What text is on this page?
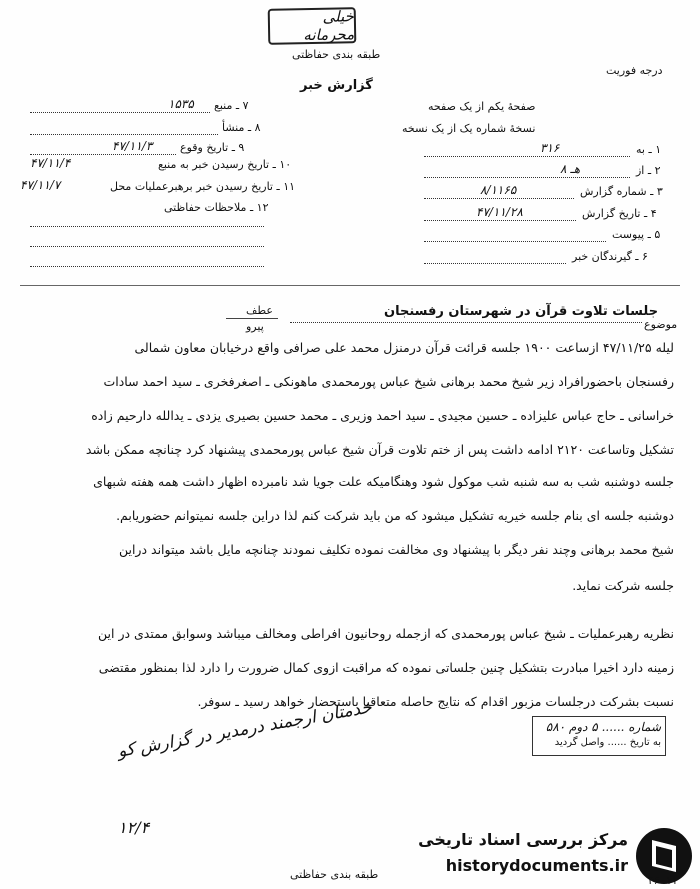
خیلی محرمانه
طبقه بندی حفاظتی
درجه فوریت
گزارش خبر
۷ ـ منبع
۱۵۳۵
۸ ـ منشأ
۹ ـ تاریخ وقوع
۴۷/۱۱/۳
۱۰ ـ تاریخ رسیدن خبر به منبع
۴۷/۱۱/۴
۱۱ ـ تاریخ رسیدن خبر برهبرعملیات محل
۴۷/۱۱/۷
۱۲ ـ ملاحظات حفاظتی
صفحهٔ یکم از یک صفحه
نسخهٔ شماره یک از یک نسخه
۱ ـ به
۳۱۶
۲ ـ از
۸ هـ
۳ ـ شماره گزارش
۸/۱۱۶۵
۴ ـ تاریخ گزارش
۴۷/۱۱/۲۸
۵ ـ پیوست
۶ ـ گیرندگان خبر
موضوع
جلسات تلاوت قرآن در شهرستان رفسنجان
عطف
پیرو
لیله ۴۷/۱۱/۲۵ ازساعت ۱۹۰۰ جلسه قرائت قرآن درمنزل محمد علی صرافی واقع درخیابان معاون شمالی
رفسنجان باحضورافراد زیر شیخ محمد برهانی شیخ عباس پورمحمدی ماهونکی ـ اصغرفخری ـ سید احمد سادات
خراسانی ـ حاج عباس علیزاده ـ حسین مجیدی ـ سید احمد وزیری ـ محمد حسین بصیری یزدی ـ یدالله دارحیم زاده
تشکیل وتاساعت ۲۱۲۰ ادامه داشت پس از ختم تلاوت قرآن شیخ عباس پورمحمدی پیشنهاد کرد چنانچه ممکن باشد
جلسه دوشنبه شب به سه شنبه شب موکول شود وهنگامیکه علت جویا شد نامبرده اظهار داشت همه هفته شبهای
دوشنبه جلسه ای بنام جلسه خیریه تشکیل میشود که من باید شرکت کنم لذا دراین جلسه نمیتوانم حضوریابم.
شیخ محمد برهانی وچند نفر دیگر با پیشنهاد وی مخالفت نموده تکلیف نمودند چنانچه مایل باشد میتواند دراین
جلسه شرکت نماید.
نظریه رهبرعملیات ـ شیخ عباس پورمحمدی که ازجمله روحانیون افراطی ومخالف میباشد وسوابق ممتدی در این
زمینه دارد اخیرا مبادرت بتشکیل چنین جلساتی نموده که مراقبت ازوی کمال ضرورت را دارد لذا بمنظور مقتضی
نسبت بشرکت درجلسات مزبور اقدام که نتایج حاصله متعاقبا باستحضار خواهد رسید ـ سوفر.
شماره ...... ۵ دوم ۵۸۰
به تاریخ ...... واصل گردید
خدمتان ارجمند درمدیر در گزارش کو
۱۲/۴
طبقه بندی حفاظتی
مرکز بررسی اسناد تاریخی
historydocuments.ir
۴۶۰۱۱
